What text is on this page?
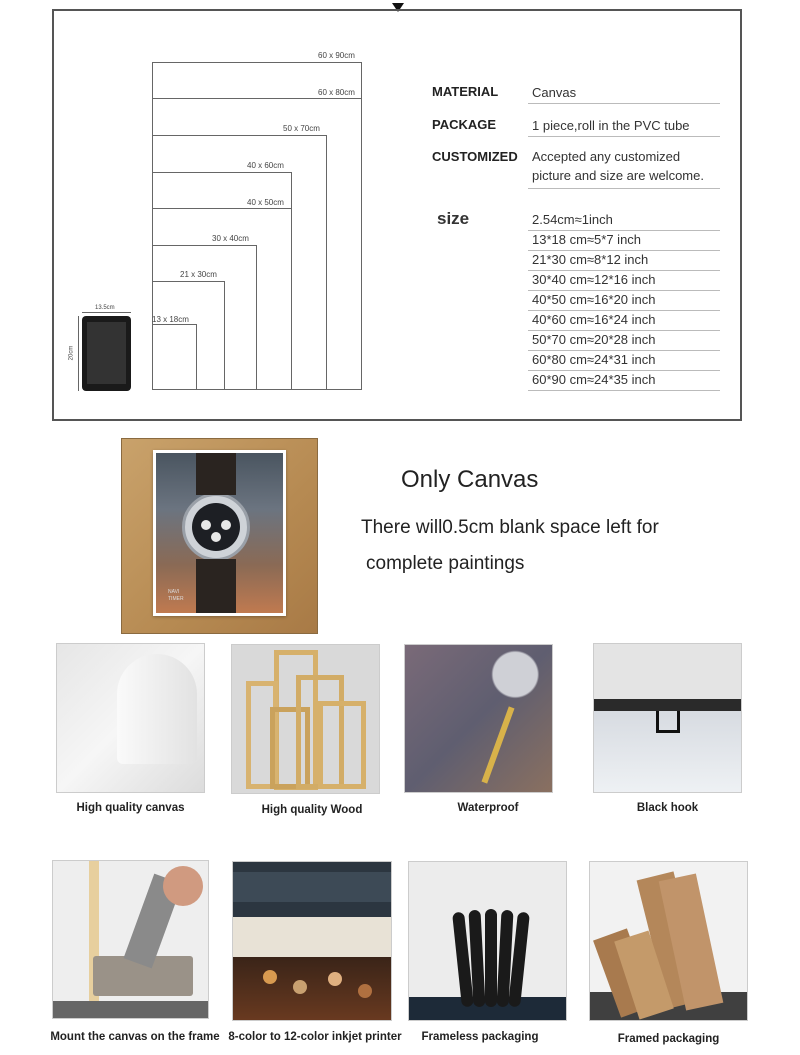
60 x 90cm
60 x 80cm
50 x 70cm
40 x 60cm
40 x 50cm
30 x 40cm
21 x 30cm
13 x 18cm
13.5cm
20cm
MATERIAL	Canvas
PACKAGE	1 piece,roll in the PVC tube
CUSTOMIZED Accepted any customized
picture and size are welcome.
size	2.54cm≈1inch
13*18 cm≈5*7 inch
21*30 cm≈8*12 inch
30*40 cm≈12*16 inch
40*50 cm≈16*20 inch
40*60 cm≈16*24 inch
50*70 cm≈20*28 inch
60*80 cm≈24*31 inch
60*90 cm≈24*35 inch
NAVI
TIMER
Only Canvas
There will0.5cm blank space left for
complete paintings
High quality canvas	High quality Wood	Waterproof	Black hook
Mount the canvas on the frame 8-color to 12-color inkjet printer	Frameless packaging	Framed packaging
